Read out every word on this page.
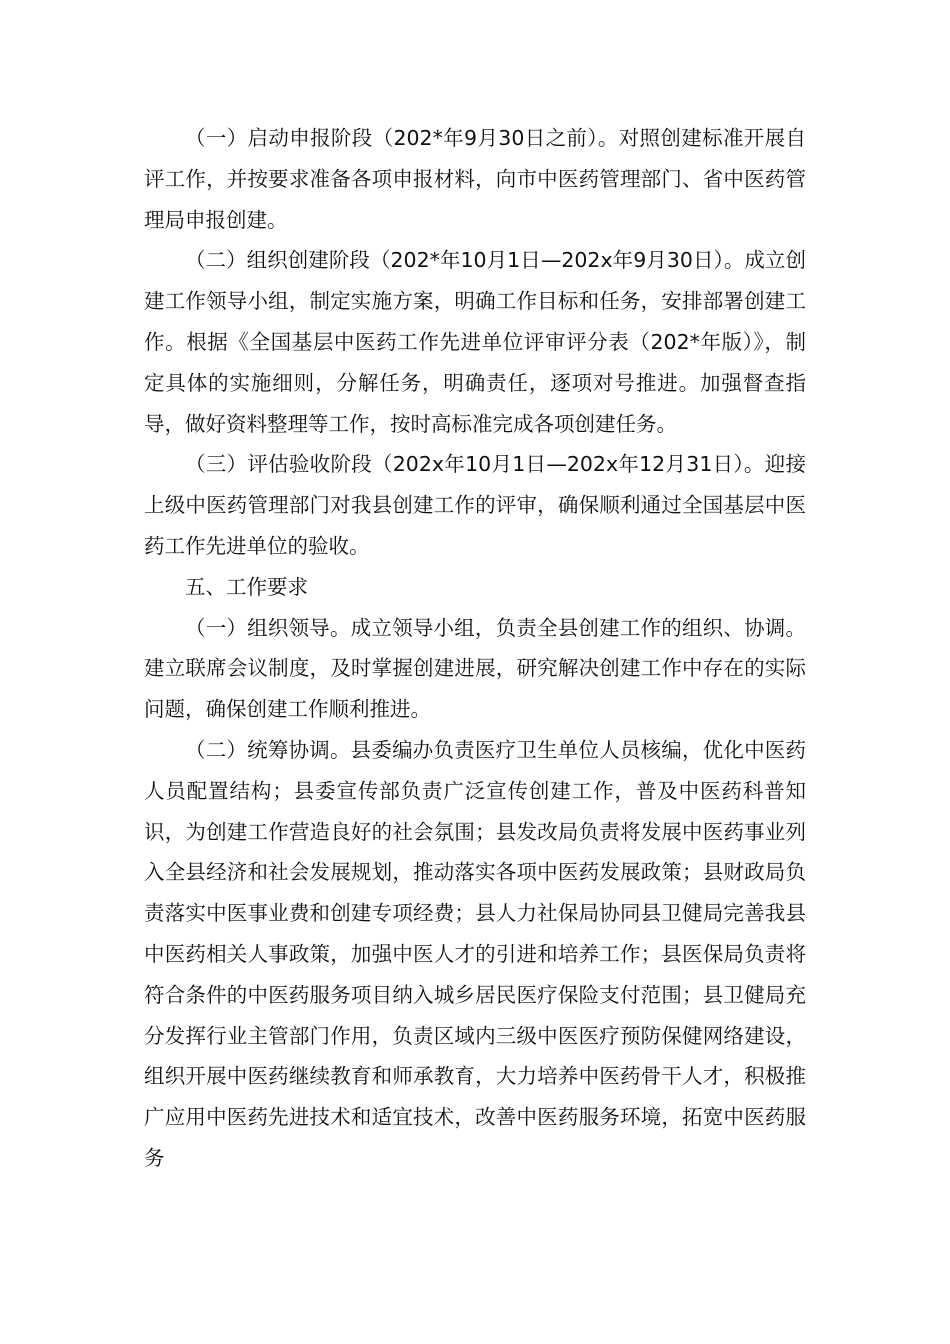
（一）启动申报阶段（202*年9月30日之前）。对照创建标准开展自评工作，并按要求准备各项申报材料，向市中医药管理部门、省中医药管理局申报创建。

（二）组织创建阶段（202*年10月1日—202x年9月30日）。成立创建工作领导小组，制定实施方案，明确工作目标和任务，安排部署创建工作。根据《全国基层中医药工作先进单位评审评分表（202*年版）》，制定具体的实施细则，分解任务，明确责任，逐项对号推进。加强督查指导，做好资料整理等工作，按时高标准完成各项创建任务。

（三）评估验收阶段（202x年10月1日—202x年12月31日）。迎接上级中医药管理部门对我县创建工作的评审，确保顺利通过全国基层中医药工作先进单位的验收。

五、工作要求

（一）组织领导。成立领导小组，负责全县创建工作的组织、协调。建立联席会议制度，及时掌握创建进展，研究解决创建工作中存在的实际问题，确保创建工作顺利推进。

（二）统筹协调。县委编办负责医疗卫生单位人员核编，优化中医药人员配置结构；县委宣传部负责广泛宣传创建工作，普及中医药科普知识，为创建工作营造良好的社会氛围；县发改局负责将发展中医药事业列入全县经济和社会发展规划，推动落实各项中医药发展政策；县财政局负责落实中医事业费和创建专项经费；县人力社保局协同县卫健局完善我县中医药相关人事政策，加强中医人才的引进和培养工作；县医保局负责将符合条件的中医药服务项目纳入城乡居民医疗保险支付范围；县卫健局充分发挥行业主管部门作用，负责区域内三级中医医疗预防保健网络建设，组织开展中医药继续教育和师承教育，大力培养中医药骨干人才，积极推广应用中医药先进技术和适宜技术，改善中医药服务环境，拓宽中医药服务
